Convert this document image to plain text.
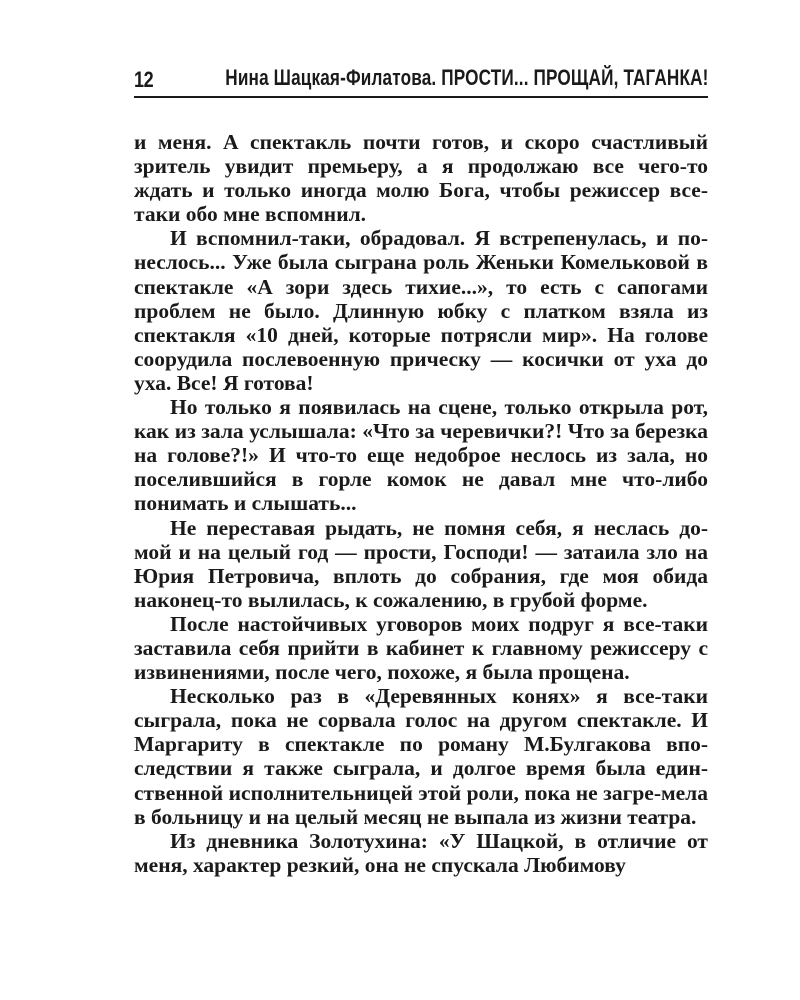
12	Нина Шацкая-Филатова. ПРОСТИ... ПРОЩАЙ, ТАГАНКА!

и меня. А спектакль почти готов, и скоро счастливый зритель увидит премьеру, а я продолжаю все чего-то ждать и только иногда молю Бога, чтобы режиссер все-таки обо мне вспомнил.

И вспомнил-таки, обрадовал. Я встрепенулась, и по-неслось... Уже была сыграна роль Женьки Комельковой в спектакле «А зори здесь тихие...», то есть с сапогами проблем не было. Длинную юбку с платком взяла из спектакля «10 дней, которые потрясли мир». На голове соорудила послевоенную прическу — косички от уха до уха. Все! Я готова!

Но только я появилась на сцене, только открыла рот, как из зала услышала: «Что за черевички?! Что за березка на голове?!» И что-то еще недоброе неслось из зала, но поселившийся в горле комок не давал мне что-либо понимать и слышать...

Не переставая рыдать, не помня себя, я неслась до-мой и на целый год — прости, Господи! — затаила зло на Юрия Петровича, вплоть до собрания, где моя обида наконец-то вылилась, к сожалению, в грубой форме.

После настойчивых уговоров моих подруг я все-таки заставила себя прийти в кабинет к главному режиссеру с извинениями, после чего, похоже, я была прощена.

Несколько раз в «Деревянных конях» я все-таки сыграла, пока не сорвала голос на другом спектакле. И Маргариту в спектакле по роману М.Булгакова впо-следствии я также сыграла, и долгое время была един-ственной исполнительницей этой роли, пока не загре-мела в больницу и на целый месяц не выпала из жизни театра.

Из дневника Золотухина: «У Шацкой, в отличие от меня, характер резкий, она не спускала Любимову
